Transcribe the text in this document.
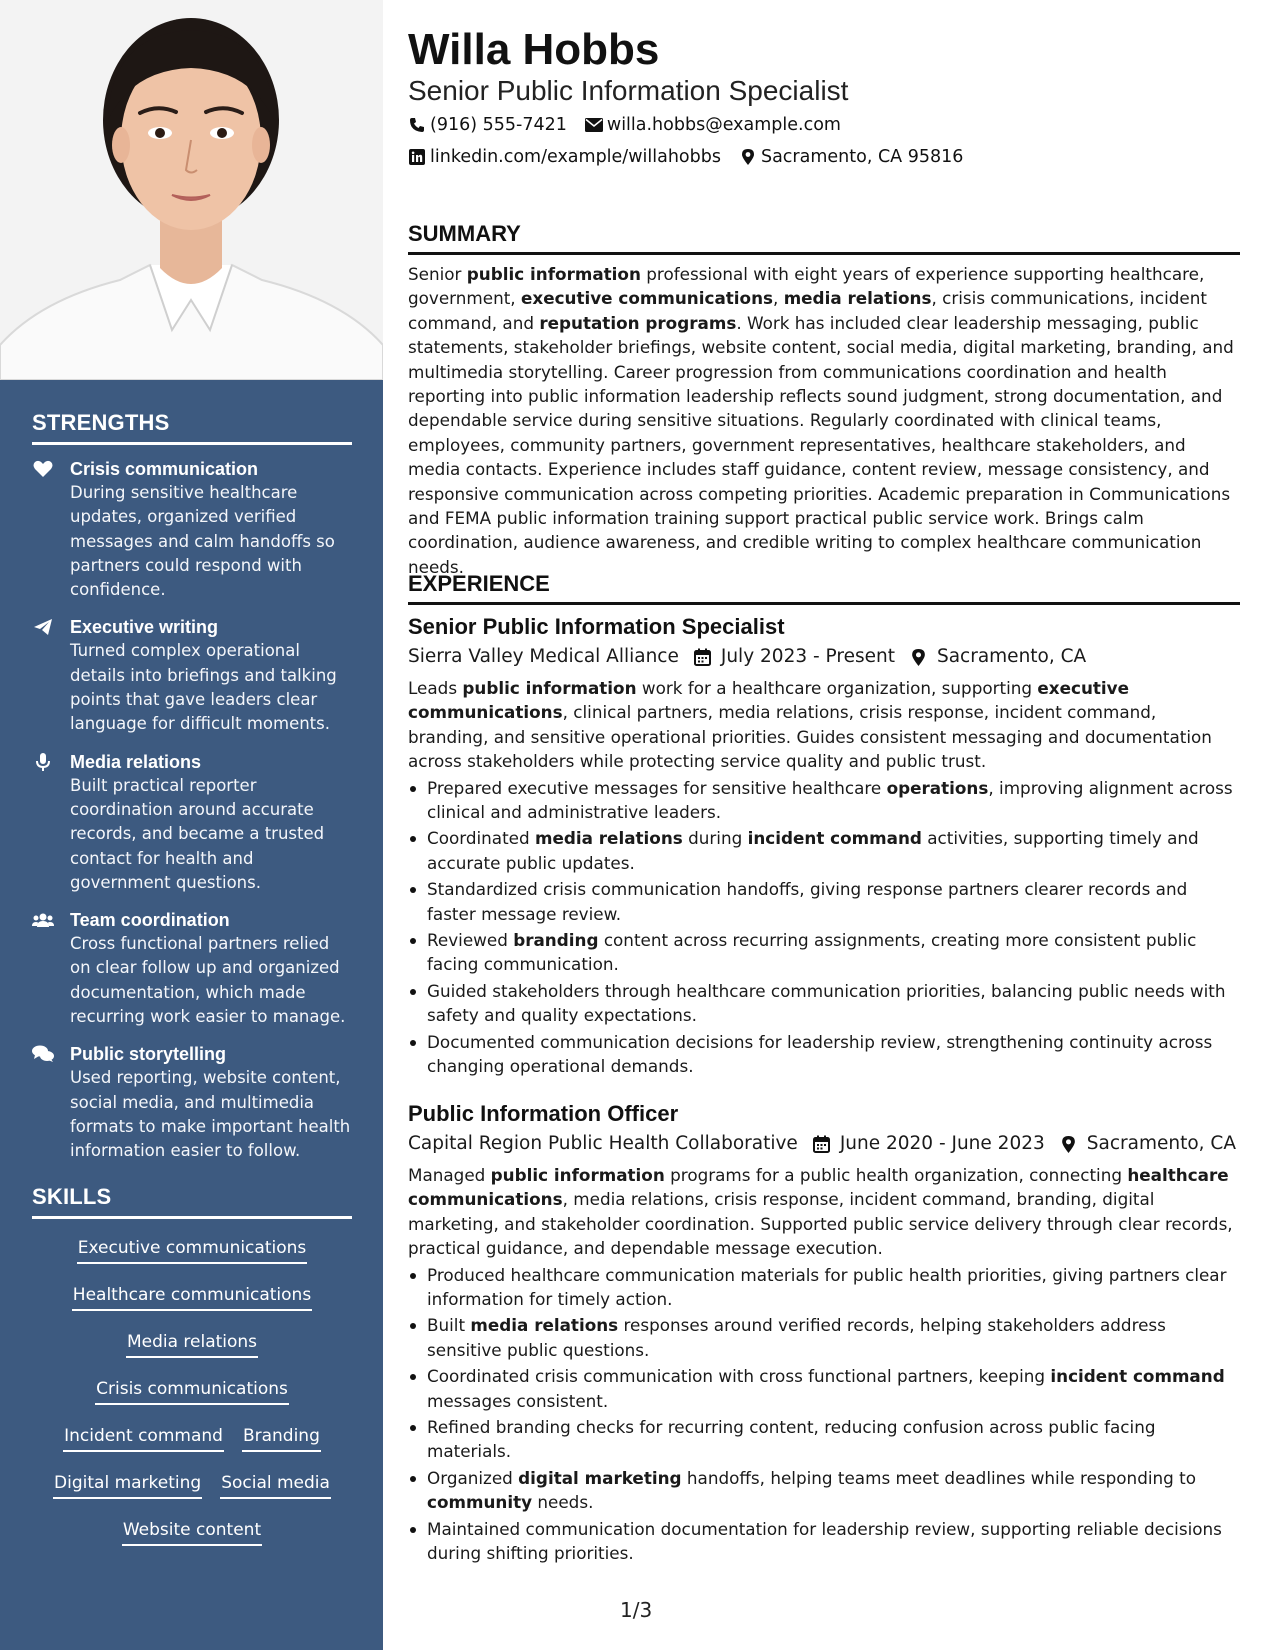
STRENGTHS
Crisis communication
During sensitive healthcare updates, organized verified messages and calm handoffs so partners could respond with confidence.
Executive writing
Turned complex operational details into briefings and talking points that gave leaders clear language for difficult moments.
Media relations
Built practical reporter coordination around accurate records, and became a trusted contact for health and government questions.
Team coordination
Cross functional partners relied on clear follow up and organized documentation, which made recurring work easier to manage.
Public storytelling
Used reporting, website content, social media, and multimedia formats to make important health information easier to follow.
SKILLS
Executive communications
Healthcare communications
Media relations
Crisis communications
Incident command Branding
Digital marketing Social media
Website content
Willa Hobbs
Senior Public Information Specialist
(916) 555-7421 willa.hobbs@example.com
linkedin.com/example/willahobbs Sacramento, CA 95816
SUMMARY
Senior public information professional with eight years of experience supporting healthcare, government, executive communications, media relations, crisis communications, incident command, and reputation programs. Work has included clear leadership messaging, public statements, stakeholder briefings, website content, social media, digital marketing, branding, and multimedia storytelling. Career progression from communications coordination and health reporting into public information leadership reflects sound judgment, strong documentation, and dependable service during sensitive situations. Regularly coordinated with clinical teams, employees, community partners, government representatives, healthcare stakeholders, and media contacts. Experience includes staff guidance, content review, message consistency, and responsive communication across competing priorities. Academic preparation in Communications and FEMA public information training support practical public service work. Brings calm coordination, audience awareness, and credible writing to complex healthcare communication needs.
EXPERIENCE
Senior Public Information Specialist
Sierra Valley Medical Alliance July 2023 - Present Sacramento, CA
Leads public information work for a healthcare organization, supporting executive communications, clinical partners, media relations, crisis response, incident command, branding, and sensitive operational priorities. Guides consistent messaging and documentation across stakeholders while protecting service quality and public trust.
Prepared executive messages for sensitive healthcare operations, improving alignment across clinical and administrative leaders.
Coordinated media relations during incident command activities, supporting timely and accurate public updates.
Standardized crisis communication handoffs, giving response partners clearer records and faster message review.
Reviewed branding content across recurring assignments, creating more consistent public facing communication.
Guided stakeholders through healthcare communication priorities, balancing public needs with safety and quality expectations.
Documented communication decisions for leadership review, strengthening continuity across changing operational demands.
Public Information Officer
Capital Region Public Health Collaborative June 2020 - June 2023 Sacramento, CA
Managed public information programs for a public health organization, connecting healthcare communications, media relations, crisis response, incident command, branding, digital marketing, and stakeholder coordination. Supported public service delivery through clear records, practical guidance, and dependable message execution.
Produced healthcare communication materials for public health priorities, giving partners clear information for timely action.
Built media relations responses around verified records, helping stakeholders address sensitive public questions.
Coordinated crisis communication with cross functional partners, keeping incident command messages consistent.
Refined branding checks for recurring content, reducing confusion across public facing materials.
Organized digital marketing handoffs, helping teams meet deadlines while responding to community needs.
Maintained communication documentation for leadership review, supporting reliable decisions during shifting priorities.
1/3
